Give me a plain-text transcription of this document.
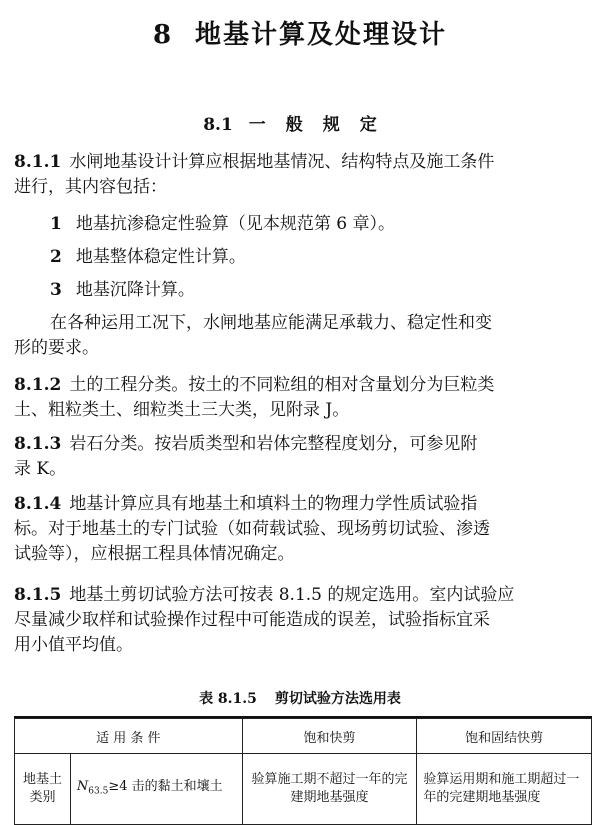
8 地基计算及处理设计
8.1 一般规定
8.1.1 水闸地基设计计算应根据地基情况、结构特点及施工条件
进行，其内容包括：
1 地基抗渗稳定性验算（见本规范第 6 章）。
2 地基整体稳定性计算。
3 地基沉降计算。
在各种运用工况下，水闸地基应能满足承载力、稳定性和变
形的要求。
8.1.2 土的工程分类。按土的不同粒组的相对含量划分为巨粒类
土、粗粒类土、细粒类土三大类，见附录 J。
8.1.3 岩石分类。按岩质类型和岩体完整程度划分，可参见附
录 K。
8.1.4 地基计算应具有地基土和填料土的物理力学性质试验指
标。对于地基土的专门试验（如荷载试验、现场剪切试验、渗透
试验等），应根据工程具体情况确定。
8.1.5 地基土剪切试验方法可按表 8.1.5 的规定选用。室内试验应
尽量减少取样和试验操作过程中可能造成的误差，试验指标宜采
用小值平均值。
表 8.1.5 剪切试验方法选用表
适 用 条 件		饱和快剪	饱和固结快剪
地基土类别	$N_{63.5}\ge 4$ 击的黏土和壤土	验算施工期不超过一年的完建期地基强度	验算运用期和施工期超过一年的完建期地基强度
